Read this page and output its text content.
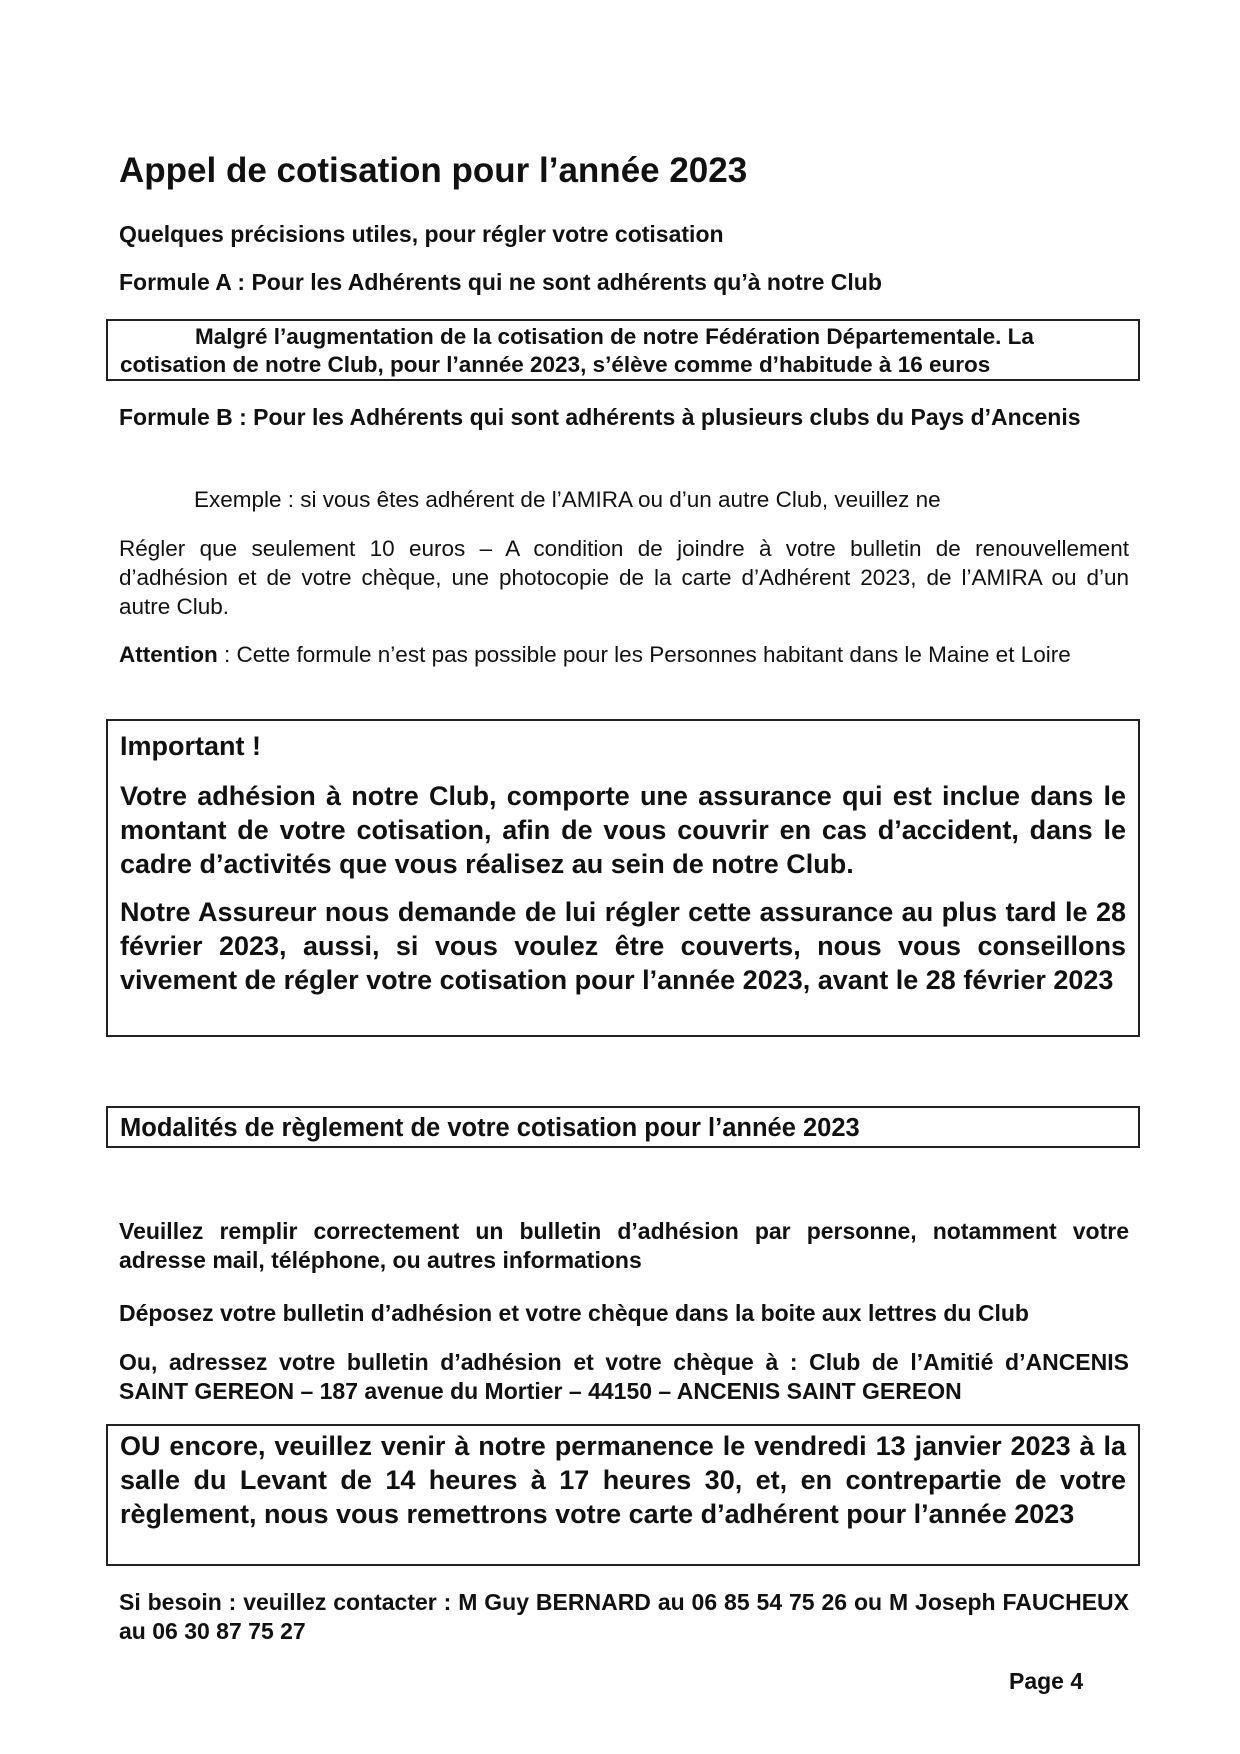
Appel de cotisation pour l’année 2023
Quelques précisions utiles, pour régler votre cotisation
Formule A : Pour les Adhérents qui ne sont adhérents qu’à notre Club

Malgré l’augmentation de la cotisation de notre Fédération Départementale. La

cotisation de notre Club, pour l’année 2023, s’élève comme d’habitude à 16 euros

Formule B : Pour les Adhérents qui sont adhérents à plusieurs clubs du Pays d’Ancenis
Exemple : si vous êtes adhérent de l’AMIRA ou d’un autre Club, veuillez ne
Régler que seulement 10 euros – A condition de joindre à votre bulletin de renouvellement d’adhésion et de votre chèque, une photocopie de la carte d’Adhérent 2023, de l’AMIRA ou d’un autre Club.
Attention : Cette formule n’est pas possible pour les Personnes habitant dans le Maine et Loire
Important !

Votre adhésion à notre Club, comporte une assurance qui est inclue dans le montant de votre cotisation, afin de vous couvrir en cas d’accident, dans le cadre d’activités que vous réalisez au sein de notre Club.

Notre Assureur nous demande de lui régler cette assurance au plus tard le 28 février 2023, aussi, si vous voulez être couverts, nous vous conseillons vivement de régler votre cotisation pour l’année 2023, avant le 28 février 2023

Modalités de règlement de votre cotisation pour l’année 2023

Veuillez remplir correctement un bulletin d’adhésion par personne, notamment votre adresse mail, téléphone, ou autres informations
Déposez votre bulletin d’adhésion et votre chèque dans la boite aux lettres du Club
Ou, adressez votre bulletin d’adhésion et votre chèque à : Club de l’Amitié d’ANCENIS SAINT GEREON – 187 avenue du Mortier – 44150 – ANCENIS SAINT GEREON

OU encore, veuillez venir à notre permanence le vendredi 13 janvier 2023 à la salle du Levant de 14 heures à 17 heures 30, et, en contrepartie de votre règlement, nous vous remettrons votre carte d’adhérent pour l’année 2023

Si besoin : veuillez contacter : M Guy BERNARD au 06 85 54 75 26 ou M Joseph FAUCHEUX au 06 30 87 75 27
Page 4
